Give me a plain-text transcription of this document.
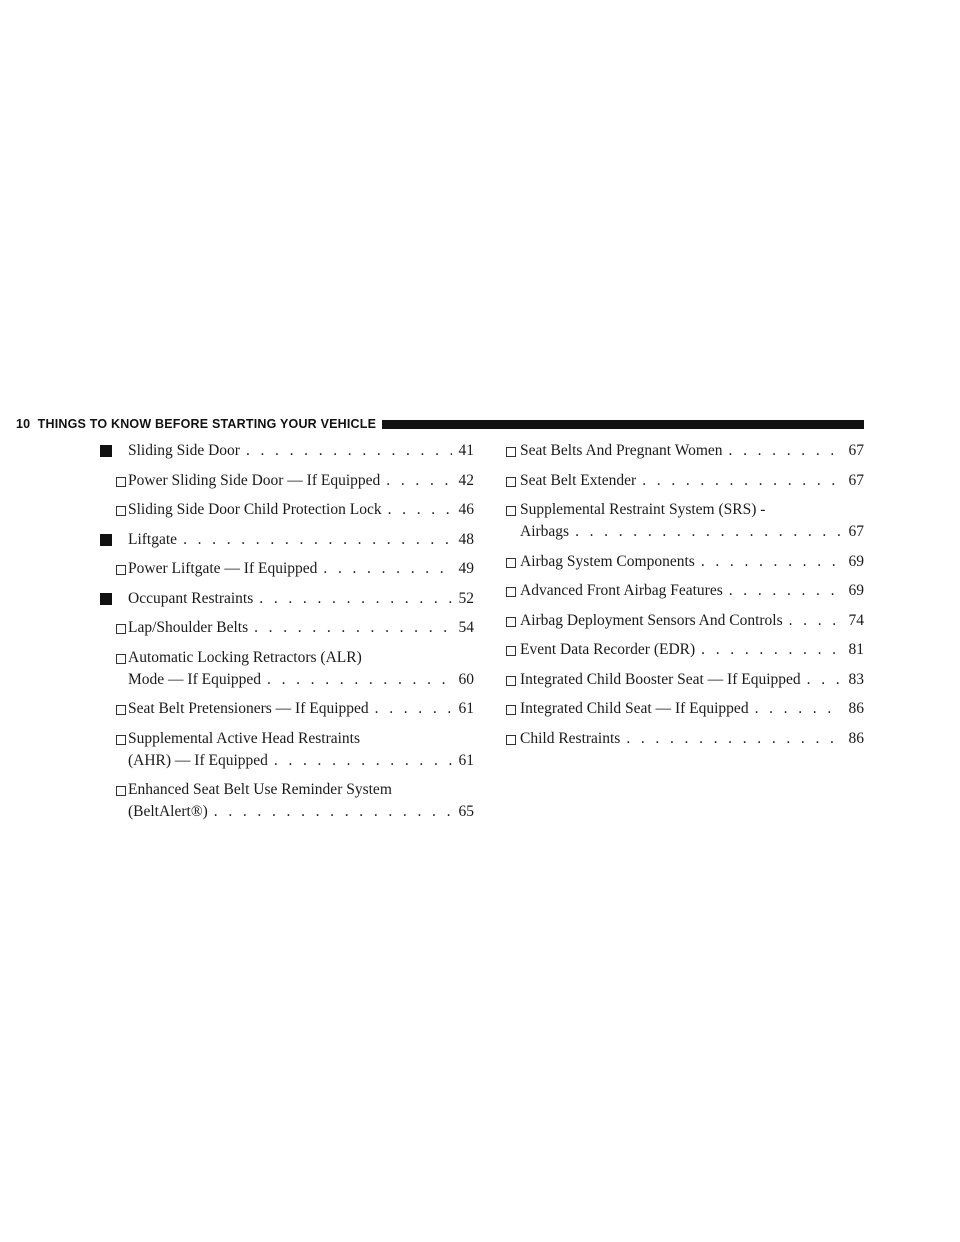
10 THINGS TO KNOW BEFORE STARTING YOUR VEHICLE
Sliding Side Door . . .	41
Power Sliding Side Door — If Equipped . . .	42
Sliding Side Door Child Protection Lock . . .	46
Liftgate . . .	48
Power Liftgate — If Equipped . . .	49
Occupant Restraints . . .	52
Lap/Shoulder Belts . . .	54
Automatic Locking Retractors (ALR)
Mode — If Equipped . . .	60
Seat Belt Pretensioners — If Equipped . . .	61
Supplemental Active Head Restraints
(AHR) — If Equipped . . .	61
Enhanced Seat Belt Use Reminder System
(BeltAlert®) . . .	65
Seat Belts And Pregnant Women . . .	67
Seat Belt Extender . . .	67
Supplemental Restraint System (SRS) -
Airbags . . .	67
Airbag System Components . . .	69
Advanced Front Airbag Features . . .	69
Airbag Deployment Sensors And Controls . . .	74
Event Data Recorder (EDR) . . .	81
Integrated Child Booster Seat — If Equipped . . .	83
Integrated Child Seat — If Equipped . . .	86
Child Restraints . . .	86
